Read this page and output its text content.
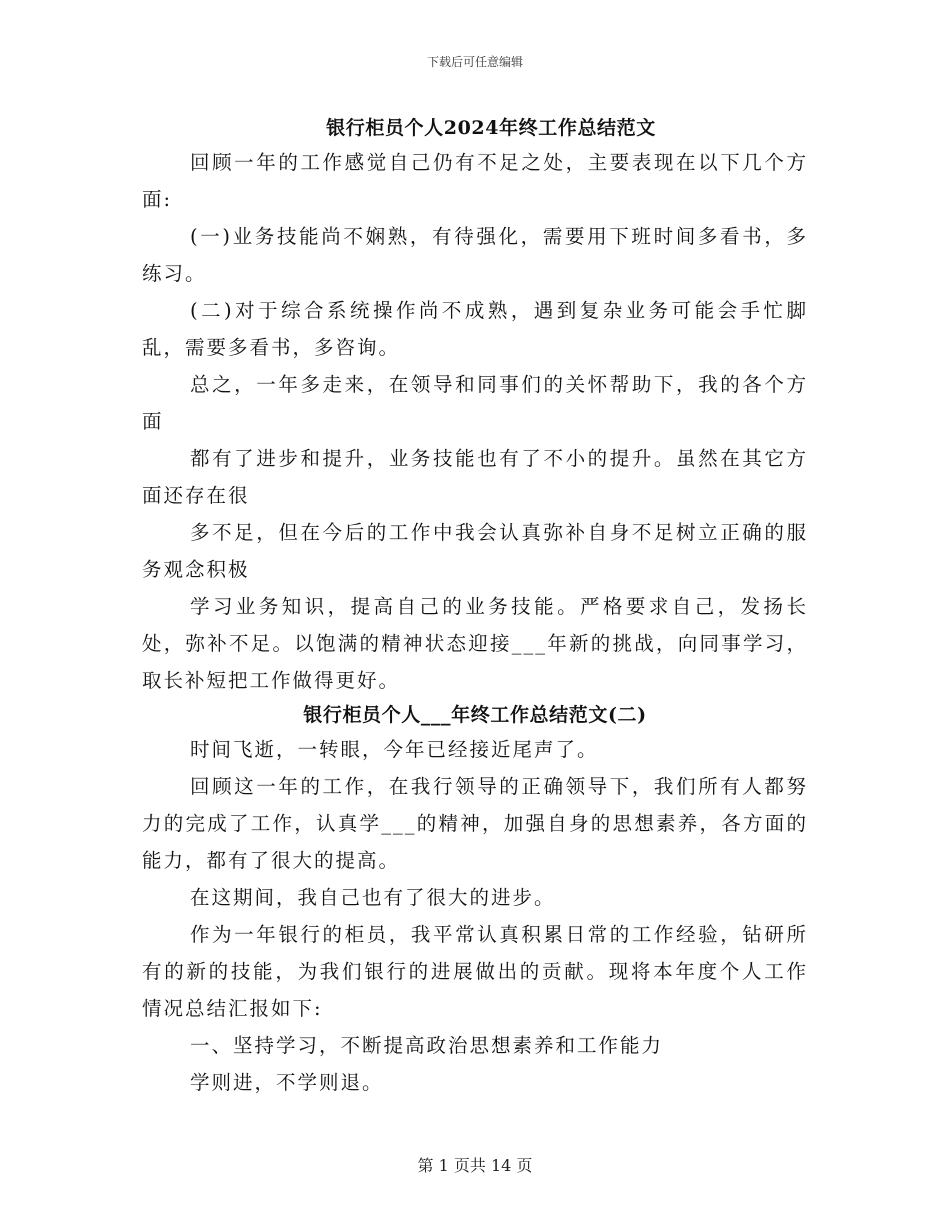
下载后可任意编辑
银行柜员个人2024年终工作总结范文

回顾一年的工作感觉自己仍有不足之处，主要表现在以下几个方面:

(一)业务技能尚不娴熟，有待强化，需要用下班时间多看书，多练习。

(二)对于综合系统操作尚不成熟，遇到复杂业务可能会手忙脚乱，需要多看书，多咨询。

总之，一年多走来，在领导和同事们的关怀帮助下，我的各个方面

都有了进步和提升，业务技能也有了不小的提升。虽然在其它方面还存在很

多不足，但在今后的工作中我会认真弥补自身不足树立正确的服务观念积极

学习业务知识，提高自己的业务技能。严格要求自己，发扬长处，弥补不足。以饱满的精神状态迎接___年新的挑战，向同事学习，取长补短把工作做得更好。

银行柜员个人___年终工作总结范文(二)

时间飞逝，一转眼，今年已经接近尾声了。

回顾这一年的工作，在我行领导的正确领导下，我们所有人都努力的完成了工作，认真学___的精神，加强自身的思想素养，各方面的能力，都有了很大的提高。

在这期间，我自己也有了很大的进步。

作为一年银行的柜员，我平常认真积累日常的工作经验，钻研所有的新的技能，为我们银行的进展做出的贡献。现将本年度个人工作情况总结汇报如下:

一、坚持学习，不断提高政治思想素养和工作能力

学则进，不学则退。

第 1 页共 14 页
